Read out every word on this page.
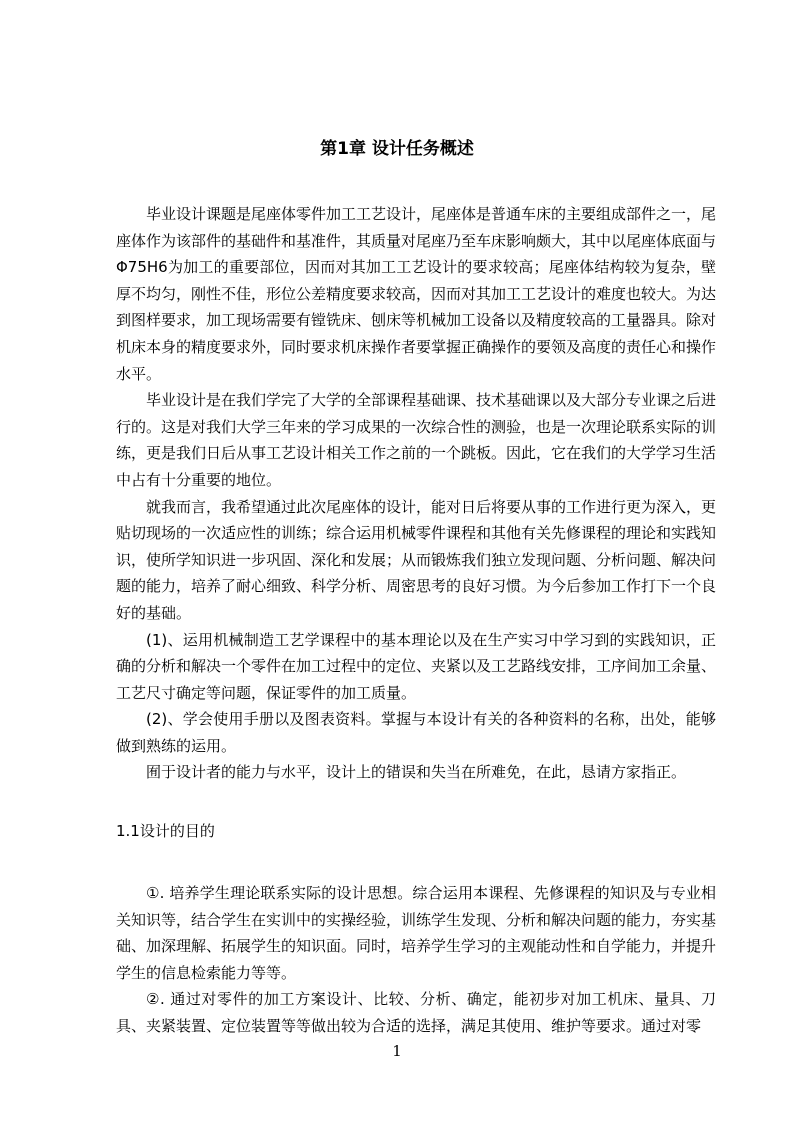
第1章 设计任务概述

毕业设计课题是尾座体零件加工工艺设计，尾座体是普通车床的主要组成部件之一，尾座体作为该部件的基础件和基准件，其质量对尾座乃至车床影响颇大，其中以尾座体底面与Φ75H6为加工的重要部位，因而对其加工工艺设计的要求较高；尾座体结构较为复杂，壁厚不均匀，刚性不佳，形位公差精度要求较高，因而对其加工工艺设计的难度也较大。为达到图样要求，加工现场需要有镗铣床、刨床等机械加工设备以及精度较高的工量器具。除对机床本身的精度要求外，同时要求机床操作者要掌握正确操作的要领及高度的责任心和操作水平。

毕业设计是在我们学完了大学的全部课程基础课、技术基础课以及大部分专业课之后进行的。这是对我们大学三年来的学习成果的一次综合性的测验，也是一次理论联系实际的训练，更是我们日后从事工艺设计相关工作之前的一个跳板。因此，它在我们的大学学习生活中占有十分重要的地位。

就我而言，我希望通过此次尾座体的设计，能对日后将要从事的工作进行更为深入，更贴切现场的一次适应性的训练；综合运用机械零件课程和其他有关先修课程的理论和实践知识，使所学知识进一步巩固、深化和发展；从而锻炼我们独立发现问题、分析问题、解决问题的能力，培养了耐心细致、科学分析、周密思考的良好习惯。为今后参加工作打下一个良好的基础。

(1)、运用机械制造工艺学课程中的基本理论以及在生产实习中学习到的实践知识，正确的分析和解决一个零件在加工过程中的定位、夹紧以及工艺路线安排，工序间加工余量、工艺尺寸确定等问题，保证零件的加工质量。

(2)、学会使用手册以及图表资料。掌握与本设计有关的各种资料的名称，出处，能够做到熟练的运用。

囿于设计者的能力与水平，设计上的错误和失当在所难免，在此，恳请方家指正。

1.1设计的目的

①. 培养学生理论联系实际的设计思想。综合运用本课程、先修课程的知识及与专业相关知识等，结合学生在实训中的实操经验，训练学生发现、分析和解决问题的能力，夯实基础、加深理解、拓展学生的知识面。同时，培养学生学习的主观能动性和自学能力，并提升学生的信息检索能力等等。

②. 通过对零件的加工方案设计、比较、分析、确定，能初步对加工机床、量具、刀具、夹紧装置、定位装置等等做出较为合适的选择，满足其使用、维护等要求。通过对零

1
